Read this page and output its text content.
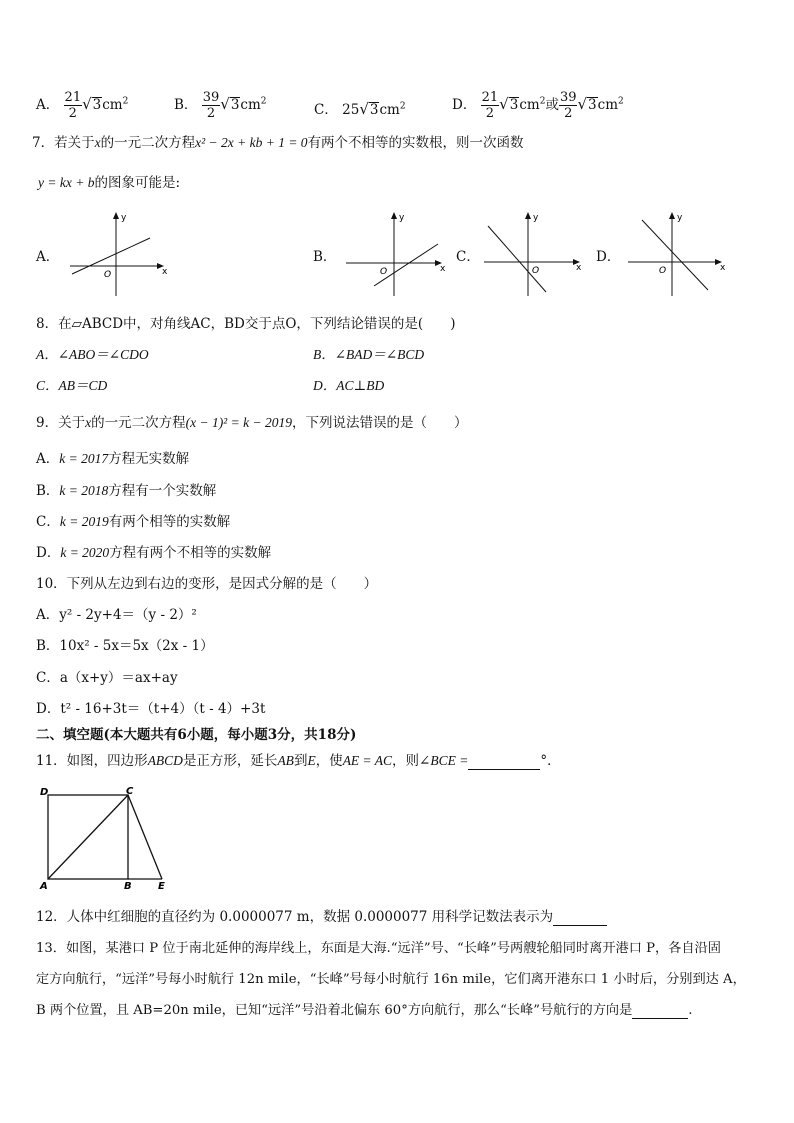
A． $\frac{21}{2} √3cm^2$	B． $\frac{39}{2} √3cm^2$
C． $25√3cm^2$	D． $\frac{21}{2} √3cm^2$或 $\frac{39}{2} √3cm^2$
7．若关于x的一元二次方程x² − 2x + kb + 1 = 0有两个不相等的实数根，则一次函数
y = kx + b的图象可能是:
A．	B．	C．	D．
x
y
O
x
y
O	x
y
O	x
y
O
8．在▱ABCD中，对角线AC，BD交于点O，下列结论错误的是(　　)
A．∠ABO＝∠CDO	B．∠BAD＝∠BCD
C．AB＝CD	D．AC⊥BD
9．关于x的一元二次方程(x − 1)² = k − 2019，下列说法错误的是（　　）
A．k = 2017方程无实数解
B．k = 2018方程有一个实数解
C．k = 2019有两个相等的实数解
D．k = 2020方程有两个不相等的实数解
10．下列从左边到右边的变形，是因式分解的是（　　）
A．y² - 2y+4＝（y - 2）²
B．10x² - 5x＝5x（2x - 1）
C．a（x+y）＝ax+ay
D．t² - 16+3t＝（t+4）（t - 4）+3t
二、填空题(本大题共有6小题，每小题3分，共18分)
11．如图，四边形ABCD是正方形，延长AB到E，使AE = AC，则∠BCE =	°．
D	C
A	B	E
12．人体中红细胞的直径约为 0.0000077 m，数据 0.0000077 用科学记数法表示为
13．如图，某港口 P 位于南北延伸的海岸线上，东面是大海.“远洋”号、“长峰”号两艘轮船同时离开港口 P，各自沿固
定方向航行，“远洋”号每小时航行 12n mile，“长峰”号每小时航行 16n mile，它们离开港东口 1 小时后，分别到达 A，
B 两个位置，且 AB=20n mile，已知“远洋”号沿着北偏东 60°方向航行，那么“长峰”号航行的方向是	.
